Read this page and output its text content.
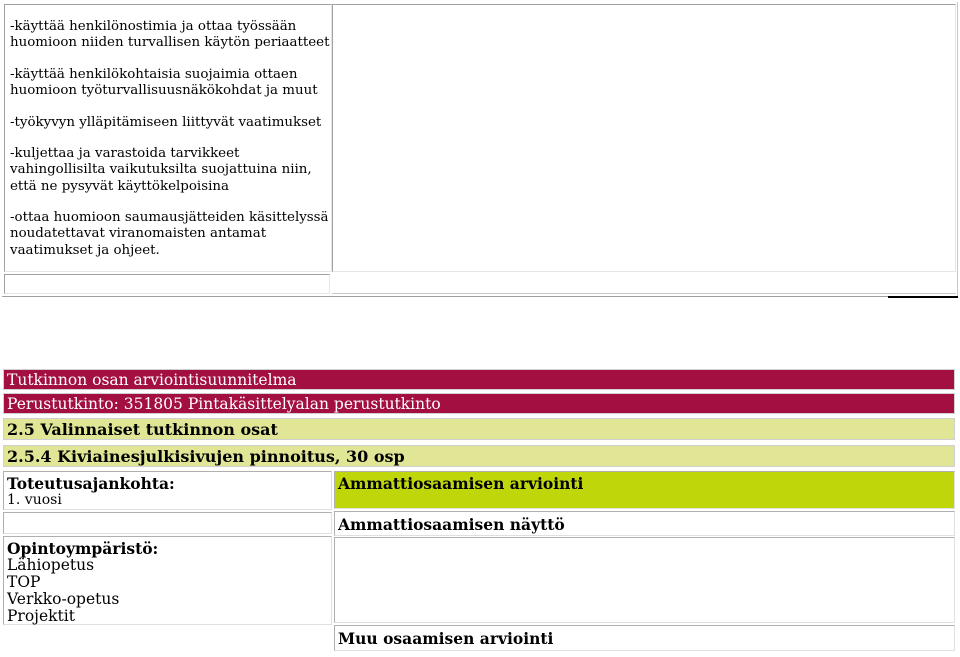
-käyttää henkilönostimia ja ottaa työssään huomioon niiden turvallisen käytön periaatteet

-käyttää henkilökohtaisia suojaimia ottaen huomioon työturvallisuusnäkökohdat ja muut

-työkyvyn ylläpitämiseen liittyvät vaatimukset

-kuljettaa ja varastoida tarvikkeet vahingollisilta vaikutuksilta suojattuina niin, että ne pysyvät käyttökelpoisina

-ottaa huomioon saumausjätteiden käsittelyssä noudatettavat viranomaisten antamat vaatimukset ja ohjeet.

Tutkinnon osan arviointisuunnitelma
Perustutkinto: 351805 Pintakäsittelyalan perustutkinto
2.5 Valinnaiset tutkinnon osat
2.5.4 Kiviainesjulkisivujen pinnoitus, 30 osp
Toteutusajankohta:
1. vuosi
Ammattiosaamisen arviointi
Ammattiosaamisen näyttö
Opintoympäristö:
Lähiopetus
TOP
Verkko-opetus
Projektit
Muu osaamisen arviointi
